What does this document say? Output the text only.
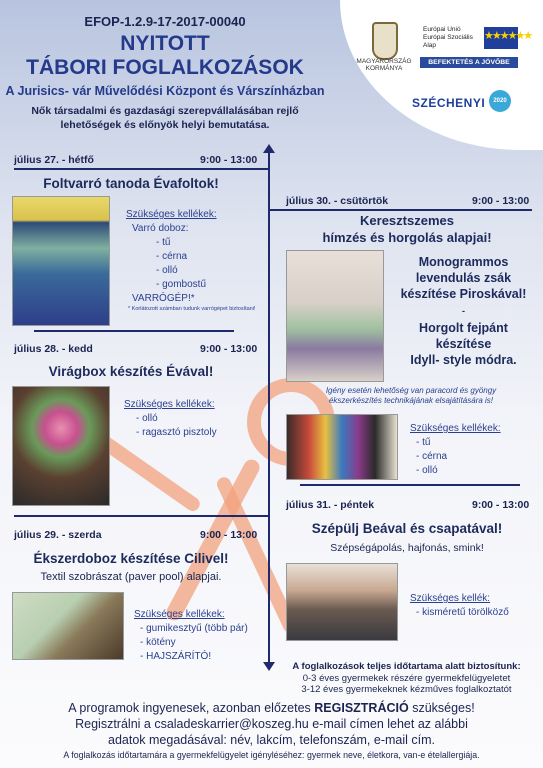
EFOP-1.2.9-17-2017-00040
NYITOTT
TÁBORI FOGLALKOZÁSOK
A Jurisics- vár Művelődési Központ és Várszínházban
Nők társadalmi és gazdasági szerepvállalásában rejlő
lehetőségek és előnyök helyi bemutatása.
MAGYARORSZÁG KORMÁNYA
Európai Unió
Európai Szociális
Alap
★★★★★★
BEFEKTETÉS A JÖVŐBE
SZÉCHENYI	2020
július 27. - hétfő	9:00 - 13:00
Foltvarró tanoda Évafoltok!
Szükséges kellékek:
Varró doboz:
- tű
- cérna
- olló
- gombostű
VARRÓGÉP!*
* Korlátozott számban tudunk varrógépet biztosítani!
július 28. - kedd	9:00 - 13:00
Virágbox készítés Évával!
Szükséges kellékek:
- olló
- ragasztó pisztoly
július 29. - szerda	9:00 - 13:00
Ékszerdoboz készítése Cilivel!
Textil szobrászat (paver pool) alapjai.
Szükséges kellékek:
- gumikesztyű (több pár)
- kötény
- HAJSZÁRÍTÓ!
július 30. - csütörtök	9:00 - 13:00
Keresztszemes
hímzés és horgolás alapjai!
Monogrammos
levendulás zsák
készítése Piroskával!
-
Horgolt fejpánt
készítése
Idyll- style módra.
Igény esetén lehetőség van paracord és gyöngy
ékszerkészítés technikájának elsajátítására is!
Szükséges kellékek:
- tű
- cérna
- olló
július 31. - péntek	9:00 - 13:00
Szépülj Beával és csapatával!
Szépségápolás, hajfonás, smink!
Szükséges kellék:
- kisméretű törölköző
A foglalkozások teljes időtartama alatt biztosítunk:
0-3 éves gyermekek részére gyermekfelügyeletet
3-12 éves gyermekeknek kézműves foglalkoztatót
A programok ingyenesek, azonban előzetes REGISZTRÁCIÓ szükséges!
Regisztrálni a csaladeskarrier@koszeg.hu e-mail címen lehet az alábbi
adatok megadásával: név, lakcím, telefonszám, e-mail cím.
A foglalkozás időtartamára a gyermekfelügyelet igényléséhez: gyermek neve, életkora, van-e ételallergiája.
